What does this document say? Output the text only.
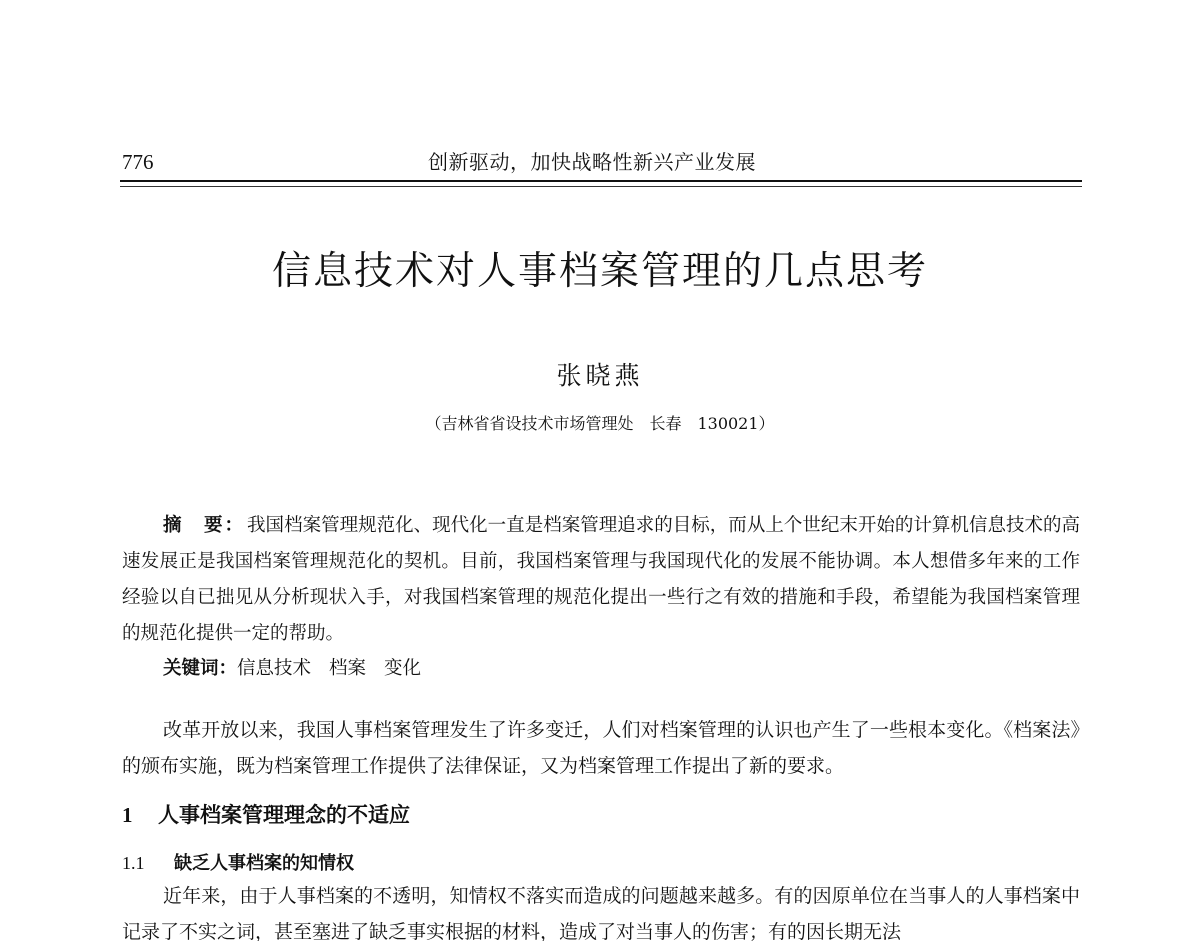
776	创新驱动，加快战略性新兴产业发展
信息技术对人事档案管理的几点思考
张晓燕
（吉林省省设技术市场管理处　长春　130021）

摘　要： 我国档案管理规范化、现代化一直是档案管理追求的目标，而从上个世纪末开始的计算机信息技术的高速发展正是我国档案管理规范化的契机。目前，我国档案管理与我国现代化的发展不能协调。本人想借多年来的工作经验以自已拙见从分析现状入手，对我国档案管理的规范化提出一些行之有效的措施和手段，希望能为我国档案管理的规范化提供一定的帮助。

关键词：信息技术 档案 变化

改革开放以来，我国人事档案管理发生了许多变迁，人们对档案管理的认识也产生了一些根本变化。《档案法》的颁布实施，既为档案管理工作提供了法律保证，又为档案管理工作提出了新的要求。

1 人事档案管理理念的不适应
1.1 缺乏人事档案的知情权

近年来，由于人事档案的不透明，知情权不落实而造成的问题越来越多。有的因原单位在当事人的人事档案中记录了不实之词，甚至塞进了缺乏事实根据的材料，造成了对当事人的伤害；有的因长期无法
